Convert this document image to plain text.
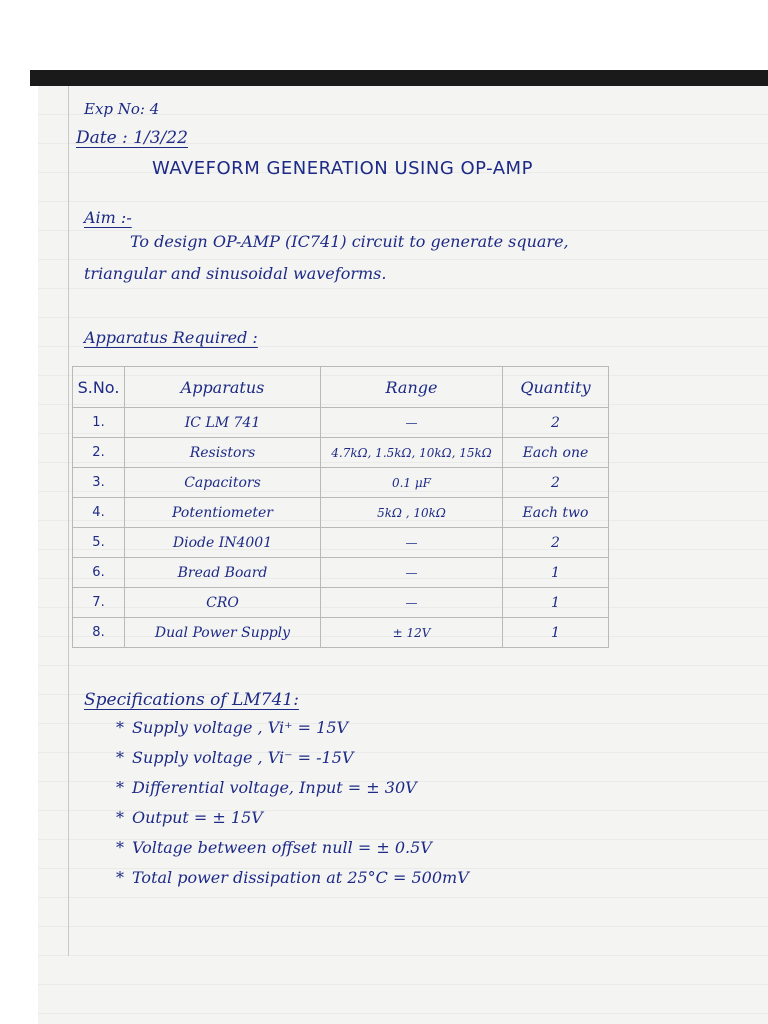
Exp No: 4
Date : 1/3/22
WAVEFORM GENERATION USING OP-AMP
Aim :-
To design OP-AMP (IC741) circuit to generate square,
triangular and sinusoidal waveforms.
Apparatus Required :
S.No.	Apparatus	Range	Quantity
1.	IC LM 741	—	2
2.	Resistors	4.7kΩ, 1.5kΩ, 10kΩ, 15kΩ	Each one
3.	Capacitors	0.1 μF	2
4.	Potentiometer	5kΩ , 10kΩ	Each two
5.	Diode IN4001	—	2
6.	Bread Board	—	1
7.	CRO	—	1
8.	Dual Power Supply	± 12V	1
Specifications of LM741:
* Supply voltage , Vi⁺ = 15V
* Supply voltage , Vi⁻ = -15V
* Differential voltage, Input = ± 30V
* Output = ± 15V
* Voltage between offset null = ± 0.5V
* Total power dissipation at 25°C = 500mV
